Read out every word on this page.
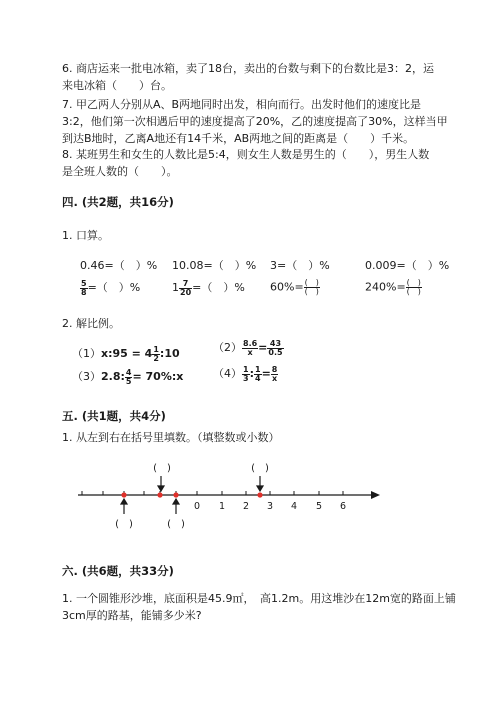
6. 商店运来一批电冰箱，卖了18台，卖出的台数与剩下的台数比是3：2，运
来电冰箱（　　）台。
7. 甲乙两人分别从A、B两地同时出发，相向而行。出发时他们的速度比是
3:2，他们第一次相遇后甲的速度提高了20%，乙的速度提高了30%，这样当甲
到达B地时，乙离A地还有14千米，AB两地之间的距离是（　　）千米。
8. 某班男生和女生的人数比是5:4，则女生人数是男生的（　　），男生人数
是全班人数的（　　）。
四. (共2题，共16分)
1. 口算。
0.46=（　）% 10.08=（　）% 3=（　）%	0.009=（　）%
$\frac{5}{8}$ =（　）%	$1 \frac{7}{20}$ =（　）% $60\%= \frac{( )}{( )}$	$240\%= \frac{( )}{( )}$
2. 解比例。
（1）x:95 = $4 \frac{1}{2}$ :10	$(2) \frac{8.6}{x} = \frac{43}{0.5}$
（3）2.8: $\frac{4}{5}$ = 70%:x	$(4) \frac{1}{3}$ : $\frac{1}{4} = \frac{8}{x}$
五. (共1题，共4分)
1. 从左到右在括号里填数。（填整数或小数）
0 1 2 3 4 5 6
(　)	(　)
(　)	(　)
六. (共6题，共33分)
1. 一个圆锥形沙堆，底面积是45.9㎡，　高1.2m。用这堆沙在12m宽的路面上铺
3cm厚的路基，能铺多少米?
